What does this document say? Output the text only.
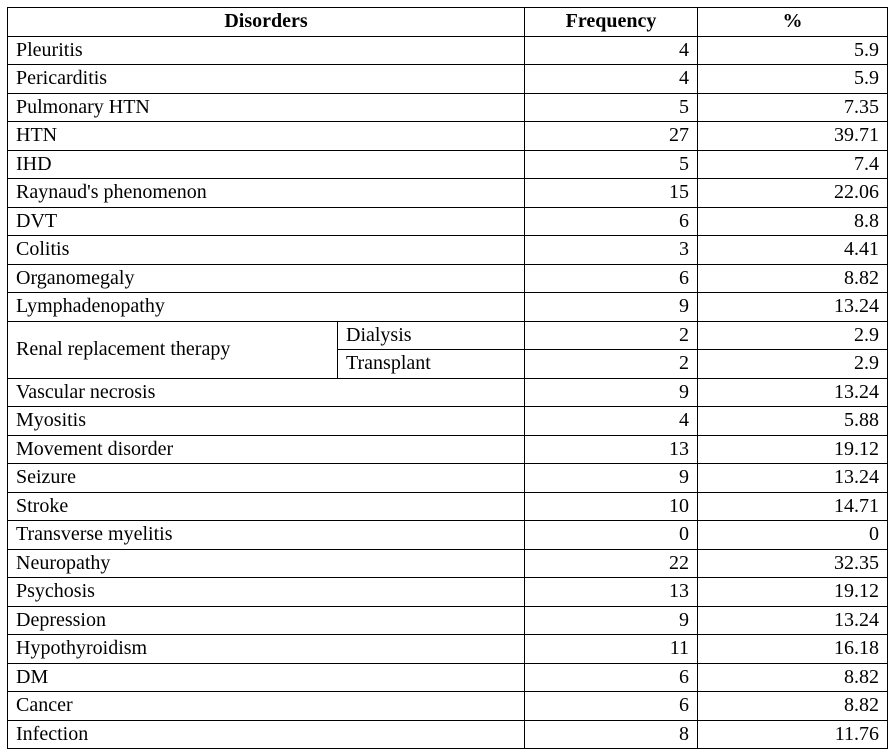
Disorders		Frequency	%
Pleuritis		4	5.9
Pericarditis		4	5.9
Pulmonary HTN		5	7.35
HTN		27	39.71
IHD		5	7.4
Raynaud's phenomenon		15	22.06
DVT		6	8.8
Colitis		3	4.41
Organomegaly		6	8.82
Lymphadenopathy		9	13.24
Renal replacement therapy	Dialysis	2	2.9
	Transplant	2	2.9
Vascular necrosis		9	13.24
Myositis		4	5.88
Movement disorder		13	19.12
Seizure		9	13.24
Stroke		10	14.71
Transverse myelitis		0	0
Neuropathy		22	32.35
Psychosis		13	19.12
Depression		9	13.24
Hypothyroidism		11	16.18
DM		6	8.82
Cancer		6	8.82
Infection		8	11.76
